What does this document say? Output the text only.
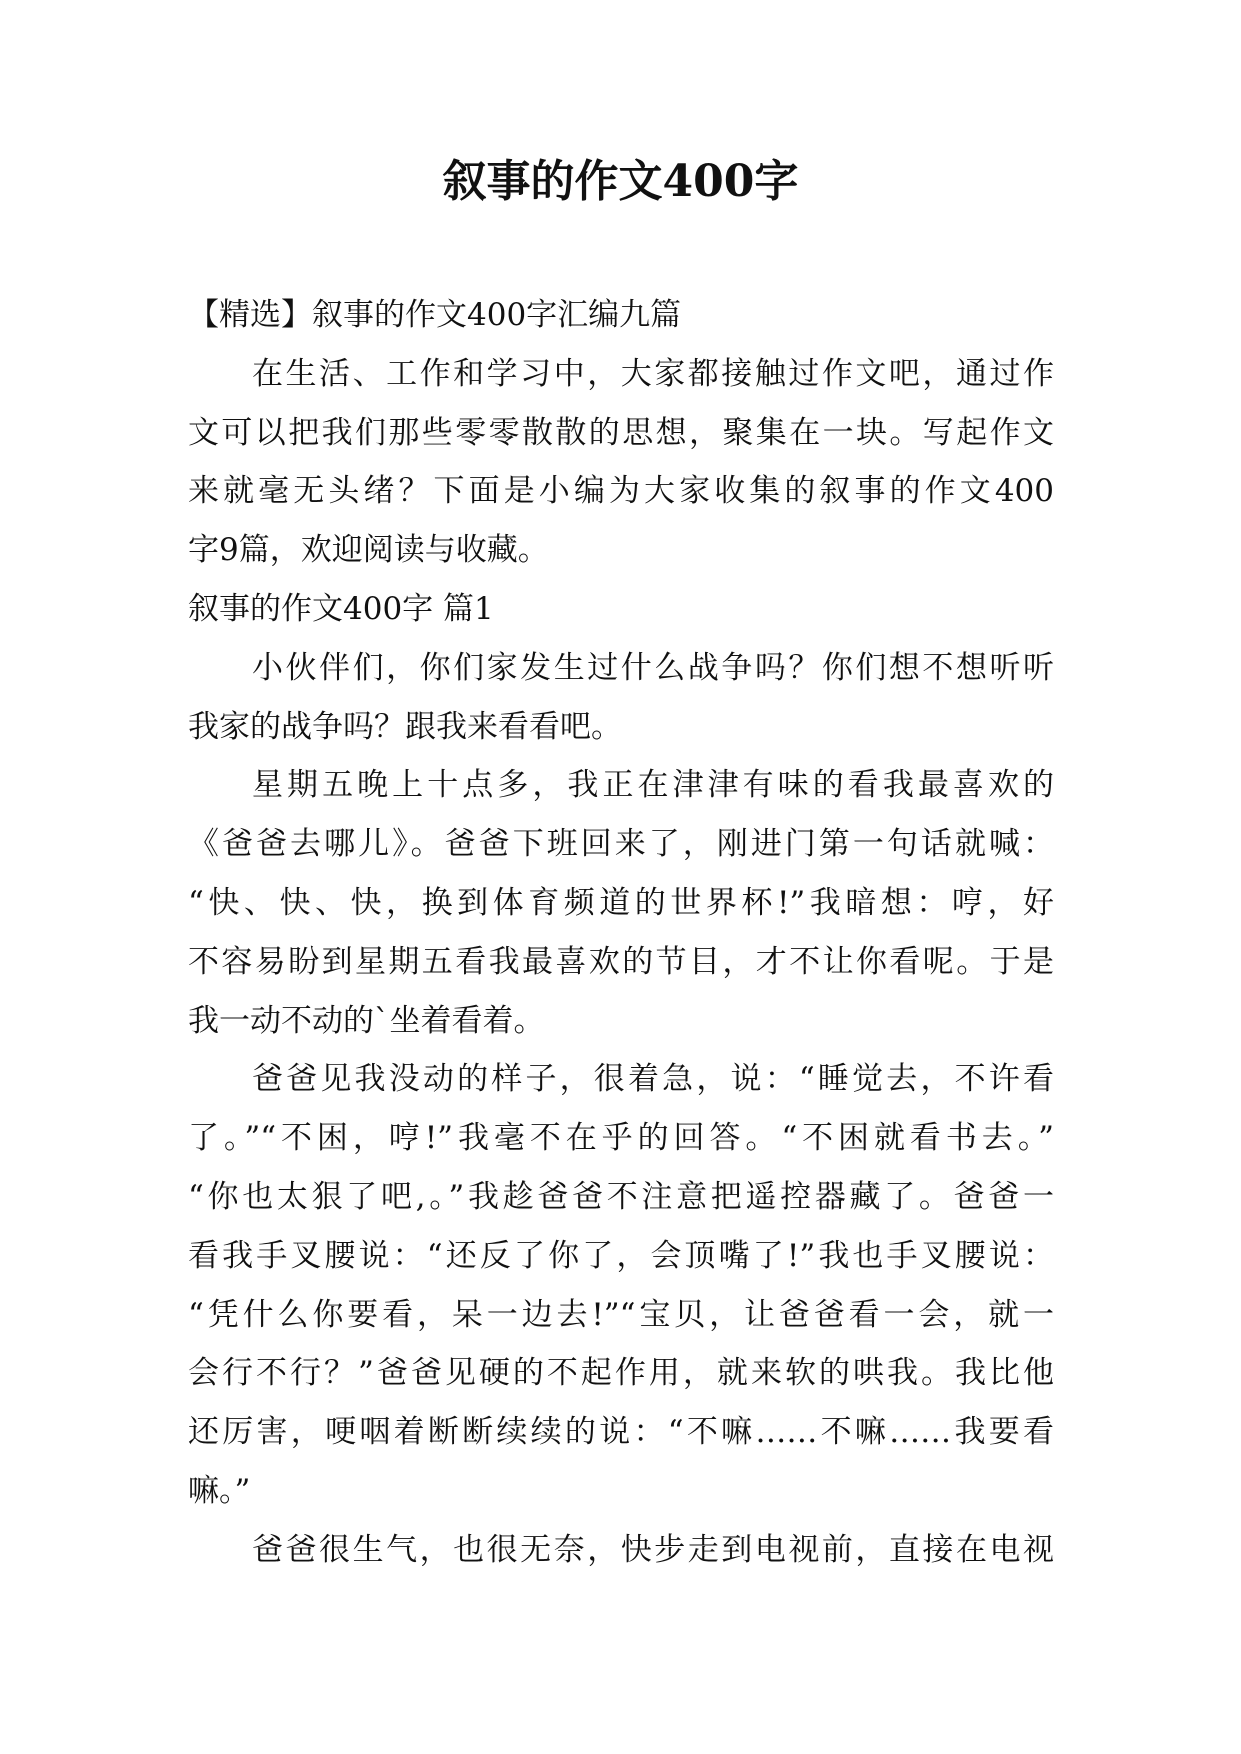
叙事的作文400字

【精选】叙事的作文400字汇编九篇

在生活、工作和学习中，大家都接触过作文吧，通过作

文可以把我们那些零零散散的思想，聚集在一块。写起作文

来就毫无头绪？下面是小编为大家收集的叙事的作文400

字9篇，欢迎阅读与收藏。

叙事的作文400字 篇1

小伙伴们，你们家发生过什么战争吗？你们想不想听听

我家的战争吗？跟我来看看吧。

星期五晚上十点多，我正在津津有味的看我最喜欢的

《爸爸去哪儿》。爸爸下班回来了，刚进门第一句话就喊：

“快、快、快，换到体育频道的世界杯!”我暗想：哼，好

不容易盼到星期五看我最喜欢的节目，才不让你看呢。于是

我一动不动的`坐着看着。

爸爸见我没动的样子，很着急，说：“睡觉去，不许看

了。”“不困，哼!”我毫不在乎的回答。“不困就看书去。”

“你也太狠了吧,。”我趁爸爸不注意把遥控器藏了。爸爸一

看我手叉腰说：“还反了你了，会顶嘴了!”我也手叉腰说：

“凭什么你要看，呆一边去!”“宝贝，让爸爸看一会，就一

会行不行？”爸爸见硬的不起作用，就来软的哄我。我比他

还厉害，哽咽着断断续续的说：“不嘛……不嘛……我要看

嘛。”

爸爸很生气，也很无奈，快步走到电视前，直接在电视
